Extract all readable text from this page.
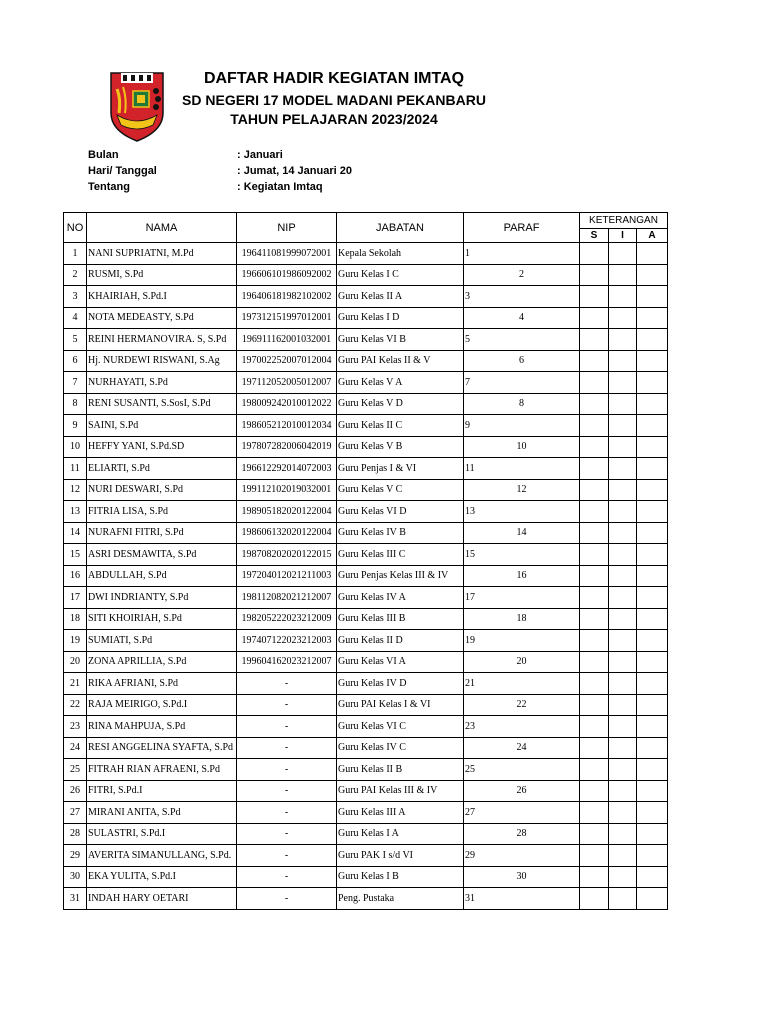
DAFTAR HADIR KEGIATAN IMTAQ
SD NEGERI 17 MODEL MADANI PEKANBARU
TAHUN PELAJARAN 2023/2024
Bulan	: Januari
Hari/ Tanggal	: Jumat, 14 Januari 20
Tentang	: Kegiatan Imtaq
NO	NAMA	NIP	JABATAN	PARAF	KETERANGAN		
					S	I	A
1	NANI SUPRIATNI, M.Pd	196411081999072001	Kepala Sekolah	1			
2	RUSMI, S.Pd	196606101986092002	Guru Kelas I C	2			
3	KHAIRIAH, S.Pd.I	196406181982102002	Guru Kelas II A	3			
4	NOTA MEDEASTY, S.Pd	197312151997012001	Guru Kelas I D	4			
5	REINI HERMANOVIRA. S, S.Pd	196911162001032001	Guru Kelas VI B	5			
6	Hj. NURDEWI RISWANI, S.Ag	197002252007012004	Guru PAI Kelas II & V	6			
7	NURHAYATI, S.Pd	197112052005012007	Guru Kelas V A	7			
8	RENI SUSANTI, S.SosI, S.Pd	198009242010012022	Guru Kelas V D	8			
9	SAINI, S.Pd	198605212010012034	Guru Kelas II C	9			
10	HEFFY YANI, S.Pd.SD	197807282006042019	Guru Kelas V B	10			
11	ELIARTI, S.Pd	196612292014072003	Guru Penjas I & VI	11			
12	NURI DESWARI, S.Pd	199112102019032001	Guru Kelas V C	12			
13	FITRIA LISA, S.Pd	198905182020122004	Guru Kelas VI D	13			
14	NURAFNI FITRI, S.Pd	198606132020122004	Guru Kelas IV B	14			
15	ASRI DESMAWITA, S.Pd	198708202020122015	Guru Kelas III C	15			
16	ABDULLAH, S.Pd	197204012021211003	Guru Penjas Kelas III & IV	16			
17	DWI INDRIANTY, S.Pd	198112082021212007	Guru Kelas IV A	17			
18	SITI KHOIRIAH, S.Pd	198205222023212009	Guru Kelas III B	18			
19	SUMIATI, S.Pd	197407122023212003	Guru Kelas II D	19			
20	ZONA APRILLIA, S.Pd	199604162023212007	Guru Kelas VI A	20			
21	RIKA AFRIANI, S.Pd	-	Guru Kelas IV D	21			
22	RAJA MEIRIGO, S.Pd.I	-	Guru PAI Kelas I & VI	22			
23	RINA MAHPUJA, S.Pd	-	Guru Kelas VI C	23			
24	RESI ANGGELINA SYAFTA, S.Pd	-	Guru Kelas IV C	24			
25	FITRAH RIAN AFRAENI, S.Pd	-	Guru Kelas II B	25			
26	FITRI, S.Pd.I	-	Guru PAI Kelas III & IV	26			
27	MIRANI ANITA, S.Pd	-	Guru Kelas III A	27			
28	SULASTRI, S.Pd.I	-	Guru Kelas I A	28			
29	AVERITA SIMANULLANG, S.Pd.	-	Guru PAK I s/d VI	29			
30	EKA YULITA, S.Pd.I	-	Guru Kelas I B	30			
31	INDAH HARY OETARI	-	Peng. Pustaka	31			
